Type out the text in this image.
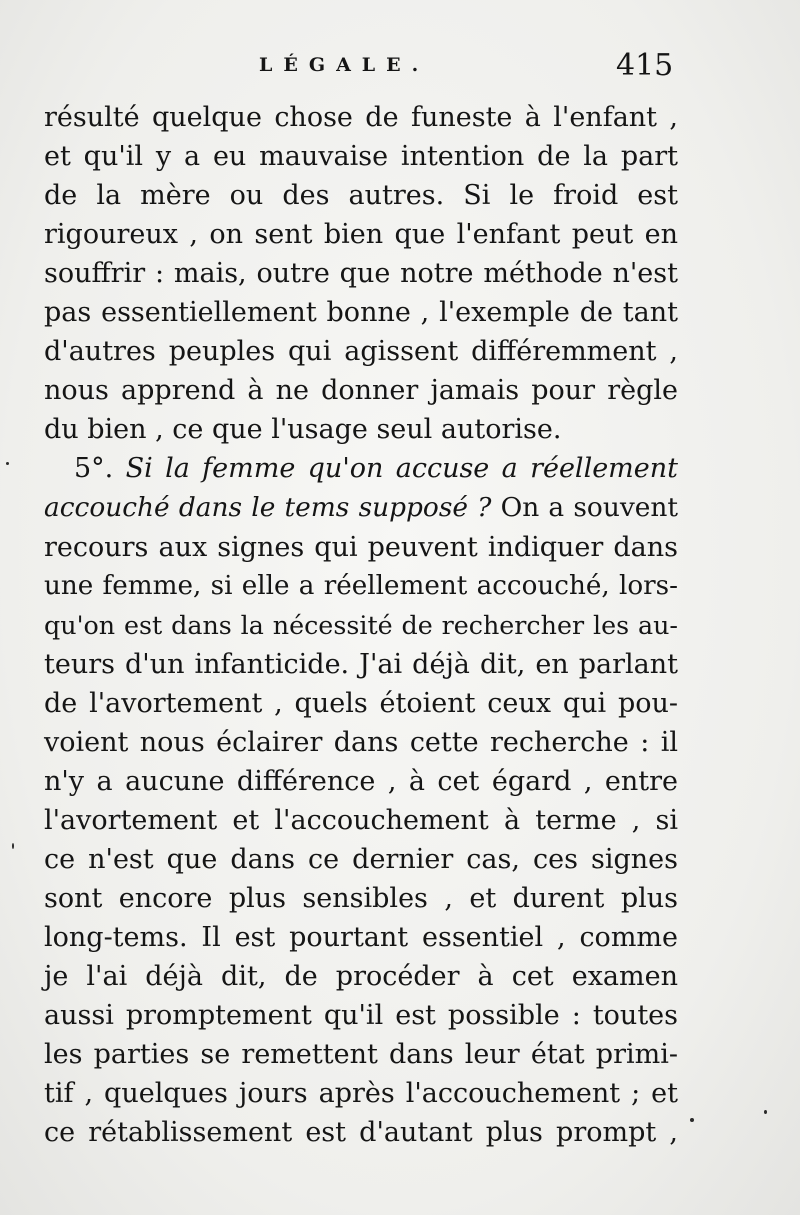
LÉGALE.	415
résulté quelque chose de funeste à l'enfant ,
et qu'il y a eu mauvaise intention de la part
de la mère ou des autres. Si le froid est
rigoureux , on sent bien que l'enfant peut en
souffrir : mais, outre que notre méthode n'est
pas essentiellement bonne , l'exemple de tant
d'autres peuples qui agissent différemment ,
nous apprend à ne donner jamais pour règle
du bien , ce que l'usage seul autorise.
5°. Si la femme qu'on accuse a réellement
accouché dans le tems supposé ? On a souvent
recours aux signes qui peuvent indiquer dans
une femme, si elle a réellement accouché, lors-
qu'on est dans la nécessité de rechercher les au-
teurs d'un infanticide. J'ai déjà dit, en parlant
de l'avortement , quels étoient ceux qui pou-
voient nous éclairer dans cette recherche : il
n'y a aucune différence , à cet égard , entre
l'avortement et l'accouchement à terme , si
ce n'est que dans ce dernier cas, ces signes
sont encore plus sensibles , et durent plus
long-tems. Il est pourtant essentiel , comme
je l'ai déjà dit, de procéder à cet examen
aussi promptement qu'il est possible : toutes
les parties se remettent dans leur état primi-
tif , quelques jours après l'accouchement ; et
ce rétablissement est d'autant plus prompt ,
